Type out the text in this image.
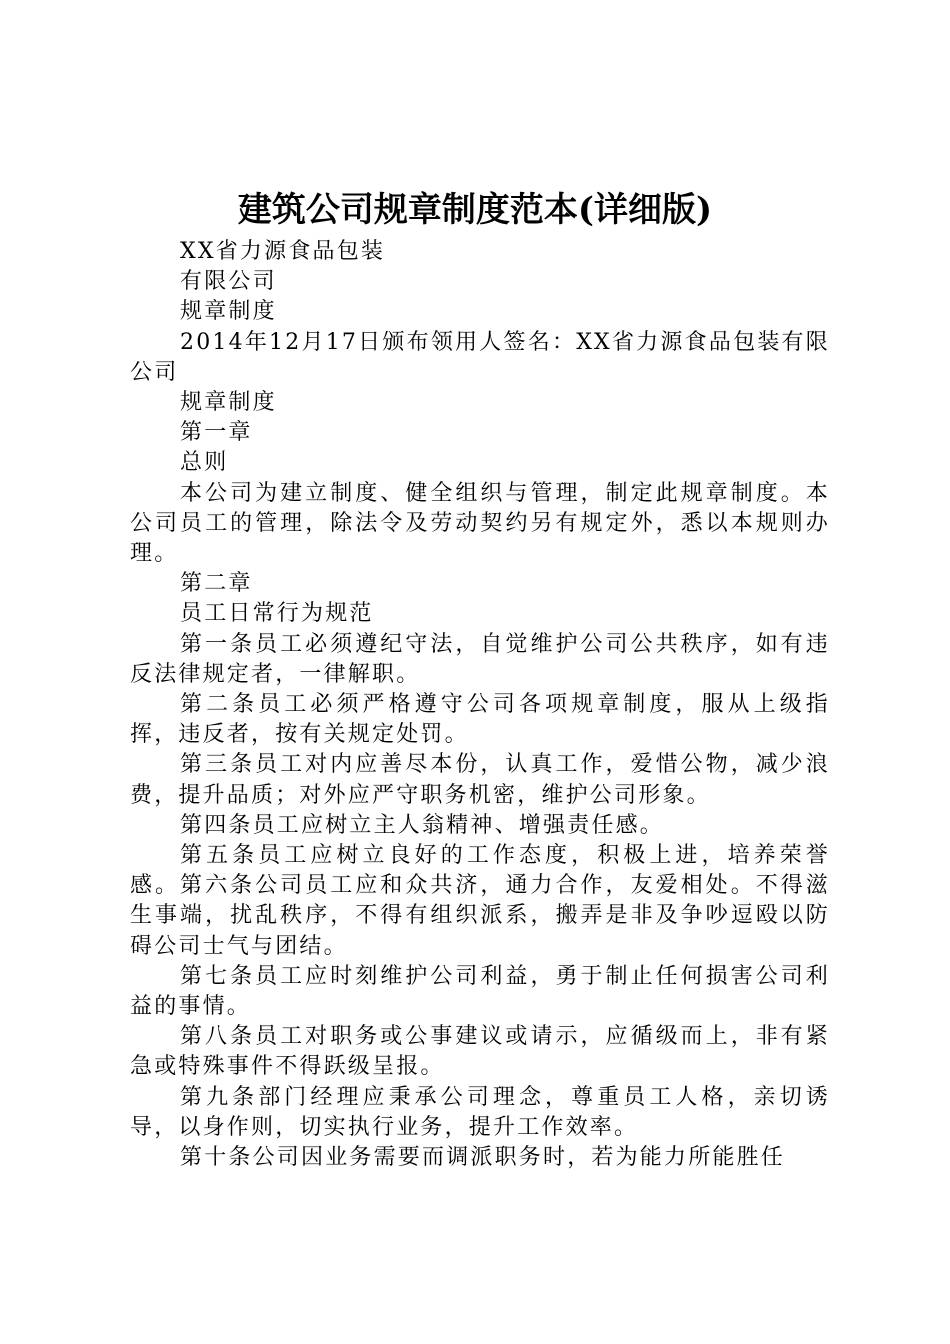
建筑公司规章制度范本(详细版)

XX省力源食品包装

有限公司

规章制度

2014年12月17日颁布领用人签名：XX省力源食品包装有限公司

规章制度

第一章

总则

本公司为建立制度、健全组织与管理，制定此规章制度。本公司员工的管理，除法令及劳动契约另有规定外，悉以本规则办理。

第二章

员工日常行为规范

第一条员工必须遵纪守法，自觉维护公司公共秩序，如有违反法律规定者，一律解职。

第二条员工必须严格遵守公司各项规章制度，服从上级指挥，违反者，按有关规定处罚。

第三条员工对内应善尽本份，认真工作，爱惜公物，减少浪费，提升品质；对外应严守职务机密，维护公司形象。

第四条员工应树立主人翁精神、增强责任感。

第五条员工应树立良好的工作态度，积极上进，培养荣誉感。第六条公司员工应和众共济，通力合作，友爱相处。不得滋生事端，扰乱秩序，不得有组织派系，搬弄是非及争吵逗殴以防碍公司士气与团结。

第七条员工应时刻维护公司利益，勇于制止任何损害公司利益的事情。

第八条员工对职务或公事建议或请示，应循级而上，非有紧急或特殊事件不得跃级呈报。

第九条部门经理应秉承公司理念，尊重员工人格，亲切诱导，以身作则，切实执行业务，提升工作效率。

第十条公司因业务需要而调派职务时，若为能力所能胜任
